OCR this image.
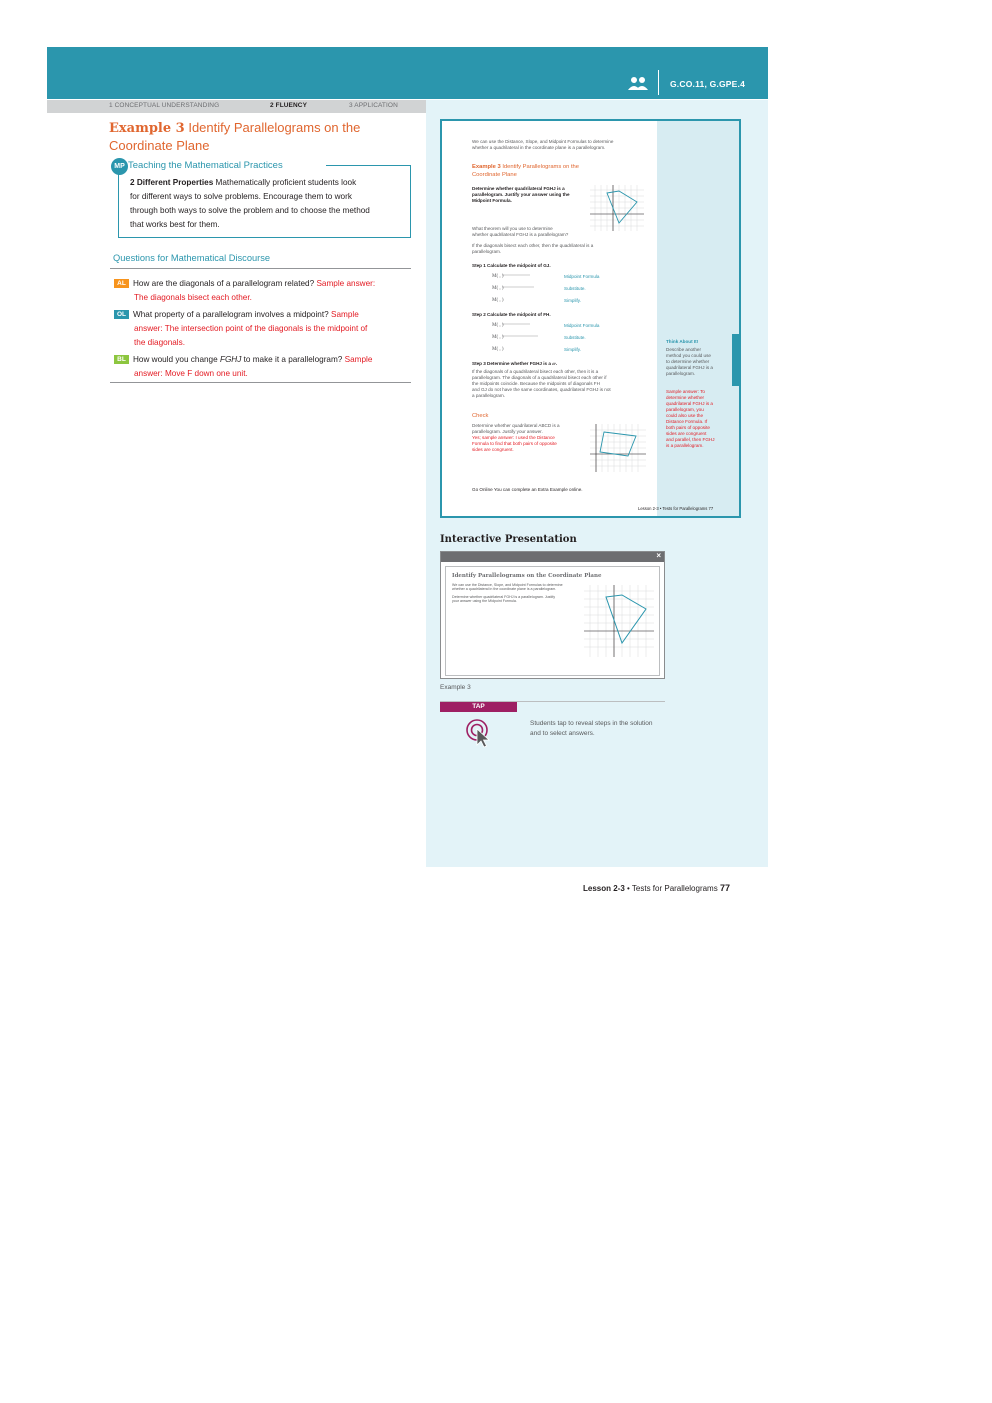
G.CO.11, G.GPE.4
1 CONCEPTUAL UNDERSTANDING	2 FLUENCY	3 APPLICATION
Example 3 Identify Parallelograms on the Coordinate Plane
MP Teaching the Mathematical Practices
2 Different Properties Mathematically proficient students look
for different ways to solve problems. Encourage them to work
through both ways to solve the problem and to choose the method
that works best for them.
Questions for Mathematical Discourse
AL How are the diagonals of a parallelogram related? Sample answer:
The diagonals bisect each other.
OL What property of a parallelogram involves a midpoint? Sample
answer: The intersection point of the diagonals is the midpoint of
the diagonals.
BL How would you change FGHJ to make it a parallelogram? Sample
answer: Move F down one unit.
We can use the Distance, Slope, and Midpoint Formulas to determine
whether a quadrilateral in the coordinate plane is a parallelogram.
Example 3 Identify Parallelograms on the
Coordinate Plane
Determine whether quadrilateral FGHJ is a
parallelogram. Justify your answer using the
Midpoint Formula.
What theorem will you use to determine
whether quadrilateral FGHJ is a parallelogram?
If the diagonals bisect each other, then the quadrilateral is a
parallelogram.
Step 1 Calculate the midpoint of GJ.
M( , )
M( , )
M( , )
Midpoint Formula
Substitute.
Simplify.
Step 2 Calculate the midpoint of FH.
M( , )
M( , )
M( , )
Midpoint Formula
Substitute.
Simplify.
Step 3 Determine whether FGHJ is a ▱.
If the diagonals of a quadrilateral bisect each other, then it is a
parallelogram. The diagonals of a quadrilateral bisect each other if
the midpoints coincide. Because the midpoints of diagonals FH
and GJ do not have the same coordinates, quadrilateral FGHJ is not
a parallelogram.
Check
Determine whether quadrilateral ABCD is a
parallelogram. Justify your answer.
Yes; sample answer: I used the Distance
Formula to find that both pairs of opposite
sides are congruent.
Go Online You can complete an Extra Example online.
Lesson 2-3 • Tests for Parallelograms 77
Think About It!
Describe another
method you could use
to determine whether
quadrilateral FGHJ is a
parallelogram.
Sample answer: To
determine whether
quadrilateral FGHJ is a
parallelogram, you
could also use the
Distance Formula. If
both pairs of opposite
sides are congruent
and parallel, then FGHJ
is a parallelogram.
Interactive Presentation
×
Identify Parallelograms on the Coordinate Plane
We can use the Distance, Slope, and Midpoint Formulas to determine
whether a quadrilateral in the coordinate plane is a parallelogram.
Determine whether quadrilateral FGHJ is a parallelogram. Justify
your answer using the Midpoint Formula.
Example 3
TAP
Students tap to reveal steps in the solution
and to select answers.
Lesson 2-3 • Tests for Parallelograms 77
